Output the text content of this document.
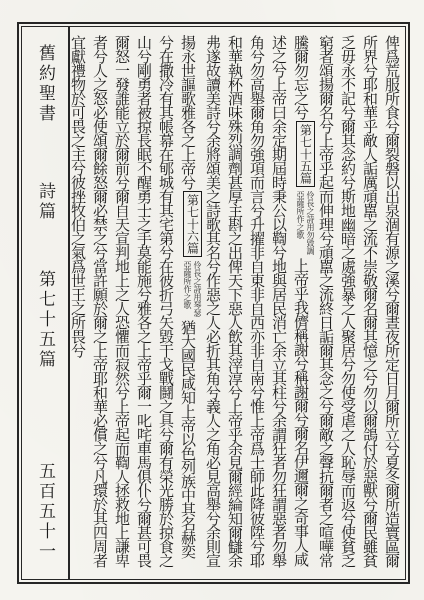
舊約聖書
詩篇
第七十五篇
五百五十一	俾爲荒服所食兮爾裂磐以出泉涸有源之溪兮爾晝夜所定日月爾所立兮夏冬爾所造寰區爾所界兮耶和華乎敵人詬厲頑嚚之流不崇敬爾名爾其憶之兮勿以爾鴿付於惡獸兮爾民雖貧乏毋永不記兮爾其念約兮斯地幽暗之處強暴之人聚居兮勿使受虐之人恥辱而返兮使貧乏窮者頌揚爾名兮上帝乎起而伸理兮頑嚚之流終日詬爾其念之兮爾敵之聲抗爾者之喧嘩常騰爾勿忘之兮第七十五篇
伶長之詩用勿毀調
亞薩所作之歌
上帝乎我儕稱謝兮稱謝爾兮爾名伊邇爾之奇事人咸述之兮上帝曰余定期屆時秉公以鞫兮地與居民消亡余立其柱兮余謂狂者勿狂謂惡者勿舉角兮勿高舉爾角勿強項而言兮升擢非自東非自西亦非自南兮惟上帝爲士師此降彼陞兮耶和華執杯酒味殊烈調劑甚厚主斟之出俾天下惡人飲其滓淳兮上帝乎余見爾經綸知爾讎余弗遂故讀美詩兮余將頌美之詩歌其名兮作惡之人必折其角兮義人之角必見高舉兮余則宣揚永世謳歌雅各之上帝兮第七十六篇
伶長之詩用琴瑟
亞薩所作之歌
猶大國民咸知上帝以色列族中其名赫奕兮在撒冷有其帳幕在郇城有其宅第兮在彼折弓矢毀干戈戰鬪之具兮爾有榮光勝於掠食之山兮剛勇者被掠長眠不醒勇士之手莫能施兮雅各之上帝乎爾一叱咤車馬俱仆兮爾甚可畏爾怒一發誰能立於爾前兮爾自天宣判地上之人恐懼而寂然兮上帝起而鞫人拯救地上謙卑者兮人之怒必使頌爾餘怒爾必禁之兮當許願於爾之上帝耶和華必償之兮凡環於其四周者宜獻禮物於可畏之主兮彼挫牧伯之氣爲世王之所畏兮
